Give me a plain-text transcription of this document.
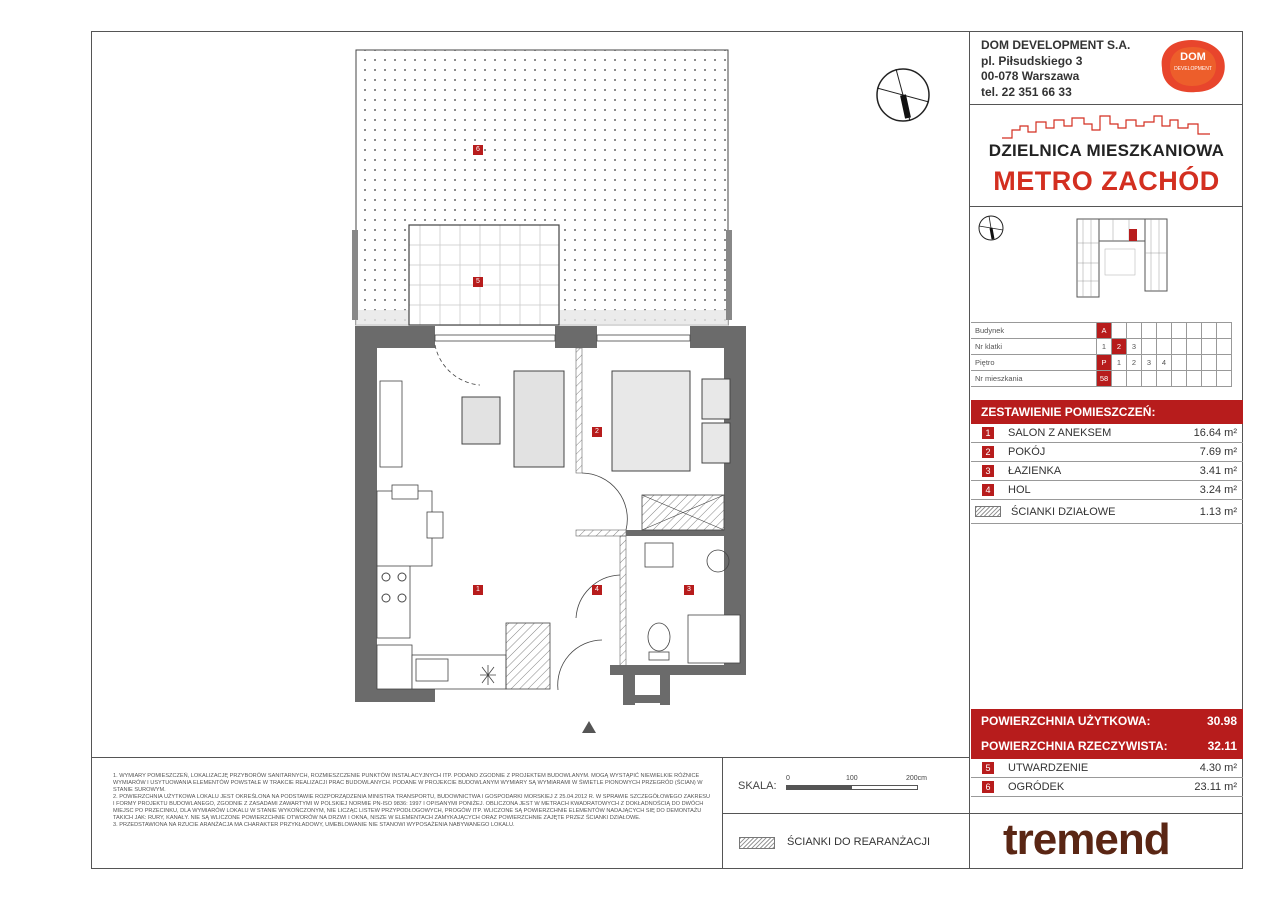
DOM DEVELOPMENT S.A.
pl. Piłsudskiego 3
00-078 Warszawa
tel. 22 351 66 33
DOM
DEVELOPMENT
DZIELNICA MIESZKANIOWA
METRO ZACHÓD
Budynek	A								
Nr klatki	1	2	3						
Piętro	P	1	2	3	4				
Nr mieszkania	58								
ZESTAWIENIE POMIESZCZEŃ:
1	SALON Z ANEKSEM	16.64 m²
2	POKÓJ	7.69 m²
3	ŁAZIENKA	3.41 m²
4	HOL	3.24 m²
ŚCIANKI DZIAŁOWE	1.13 m²
POWIERZCHNIA UŻYTKOWA:	30.98
POWIERZCHNIA RZECZYWISTA:	32.11
5	UTWARDZENIE	4.30 m²
6	OGRÓDEK	23.11 m²

1. WYMIARY POMIESZCZEŃ, LOKALIZACJĘ PRZYBORÓW SANITARNYCH, ROZMIESZCZENIE PUNKTÓW INSTALACYJNYCH ITP. PODANO ZGODNIE Z PROJEKTEM BUDOWLANYM. MOGĄ WYSTĄPIĆ NIEWIELKIE RÓŻNICE WYMIARÓW I USYTUOWANIA ELEMENTÓW POWSTAŁE W TRAKCIE REALIZACJI PRAC BUDOWLANYCH. PODANE W PROJEKCIE BUDOWLANYM WYMIARY SĄ WYMIARAMI W ŚWIETLE PIONOWYCH PRZEGRÓD (ŚCIAN) W STANIE SUROWYM.

2. POWIERZCHNIA UŻYTKOWA LOKALU JEST OKREŚLONA NA PODSTAWIE ROZPORZĄDZENIA MINISTRA TRANSPORTU, BUDOWNICTWA I GOSPODARKI MORSKIEJ Z 25.04.2012 R. W SPRAWIE SZCZEGÓŁOWEGO ZAKRESU I FORMY PROJEKTU BUDOWLANEGO, ZGODNIE Z ZASADAMI ZAWARTYMI W POLSKIEJ NORMIE PN-ISO 9836: 1997 I OPISANYMI PONIŻEJ. OBLICZONA JEST W METRACH KWADRATOWYCH Z DOKŁADNOŚCIĄ DO DWÓCH MIEJSC PO PRZECINKU, DLA WYMIARÓW LOKALU W STANIE WYKOŃCZONYM, NIE LICZĄC LISTEW PRZYPODŁOGOWYCH, PROGÓW ITP. WLICZONE SĄ POWIERZCHNIE ELEMENTÓW NADAJĄCYCH SIĘ DO DEMONTAŻU TAKICH JAK: RURY, KANAŁY. NIE SĄ WLICZONE POWIERZCHNIE OTWORÓW NA DRZWI I OKNA, NISZE W ELEMENTACH ZAMYKAJĄCYCH ORAZ POWIERZCHNIE ZAJĘTE PRZEZ ŚCIANKI DZIAŁOWE.

3. PRZEDSTAWIONA NA RZUCIE ARANŻACJA MA CHARAKTER PRZYKŁADOWY, UMEBLOWANIE NIE STANOWI WYPOSAŻENIA NABYWANEGO LOKALU.

SKALA:
0	100	200cm
ŚCIANKI DO REARANŻACJI tremend
6
5
1
2
3
4
